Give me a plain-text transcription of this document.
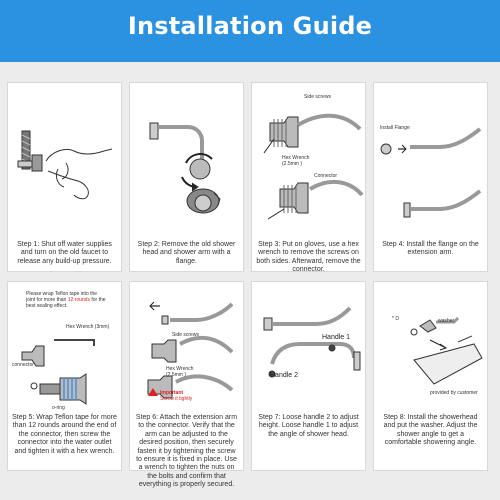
Installation Guide
Step 1: Shut off water supplies and turn on the old faucet to release any build-up pressure.
Step 2: Remove the old shower head and shower arm with a flange.
Side screws
Hex Wrench
(2.5mm )
Connector
Step 3: Put on gloves, use a hex wrench to remove the screws on both sides. Afterward, remove the connector.
Install Flange
Step 4: Install the flange on the extension arm.
Please wrap Teflon tape into the joint for more than 12 rounds for the best sealing effect.
Hex Wrench (3mm)
connector
o-ring
Step 5: Wrap Teflon tape for more than 12 rounds around the end of the connector, then screw the connector into the water outlet and tighten it with a hex wrench.
Side screws
Hex Wrench
(2.5mm )
Important
Screw it tightly
Step 6: Attach the extension arm to the connector. Verify that the arm can be adjusted to the desired position, then securely fasten it by tightening the screw to ensure it is fixed in place. Use a wrench to tighten the nuts on the bolts and confirm that everything is properly secured.
Handle 1
Handle 2
Step 7: Loose handle 2 to adjust height. Loose handle 1 to adjust the angle of shower head.
* D	washer
provided by customer
Step 8: Install the showerhead and put the washer. Adjust the shower angle to get a comfortable showering angle.
